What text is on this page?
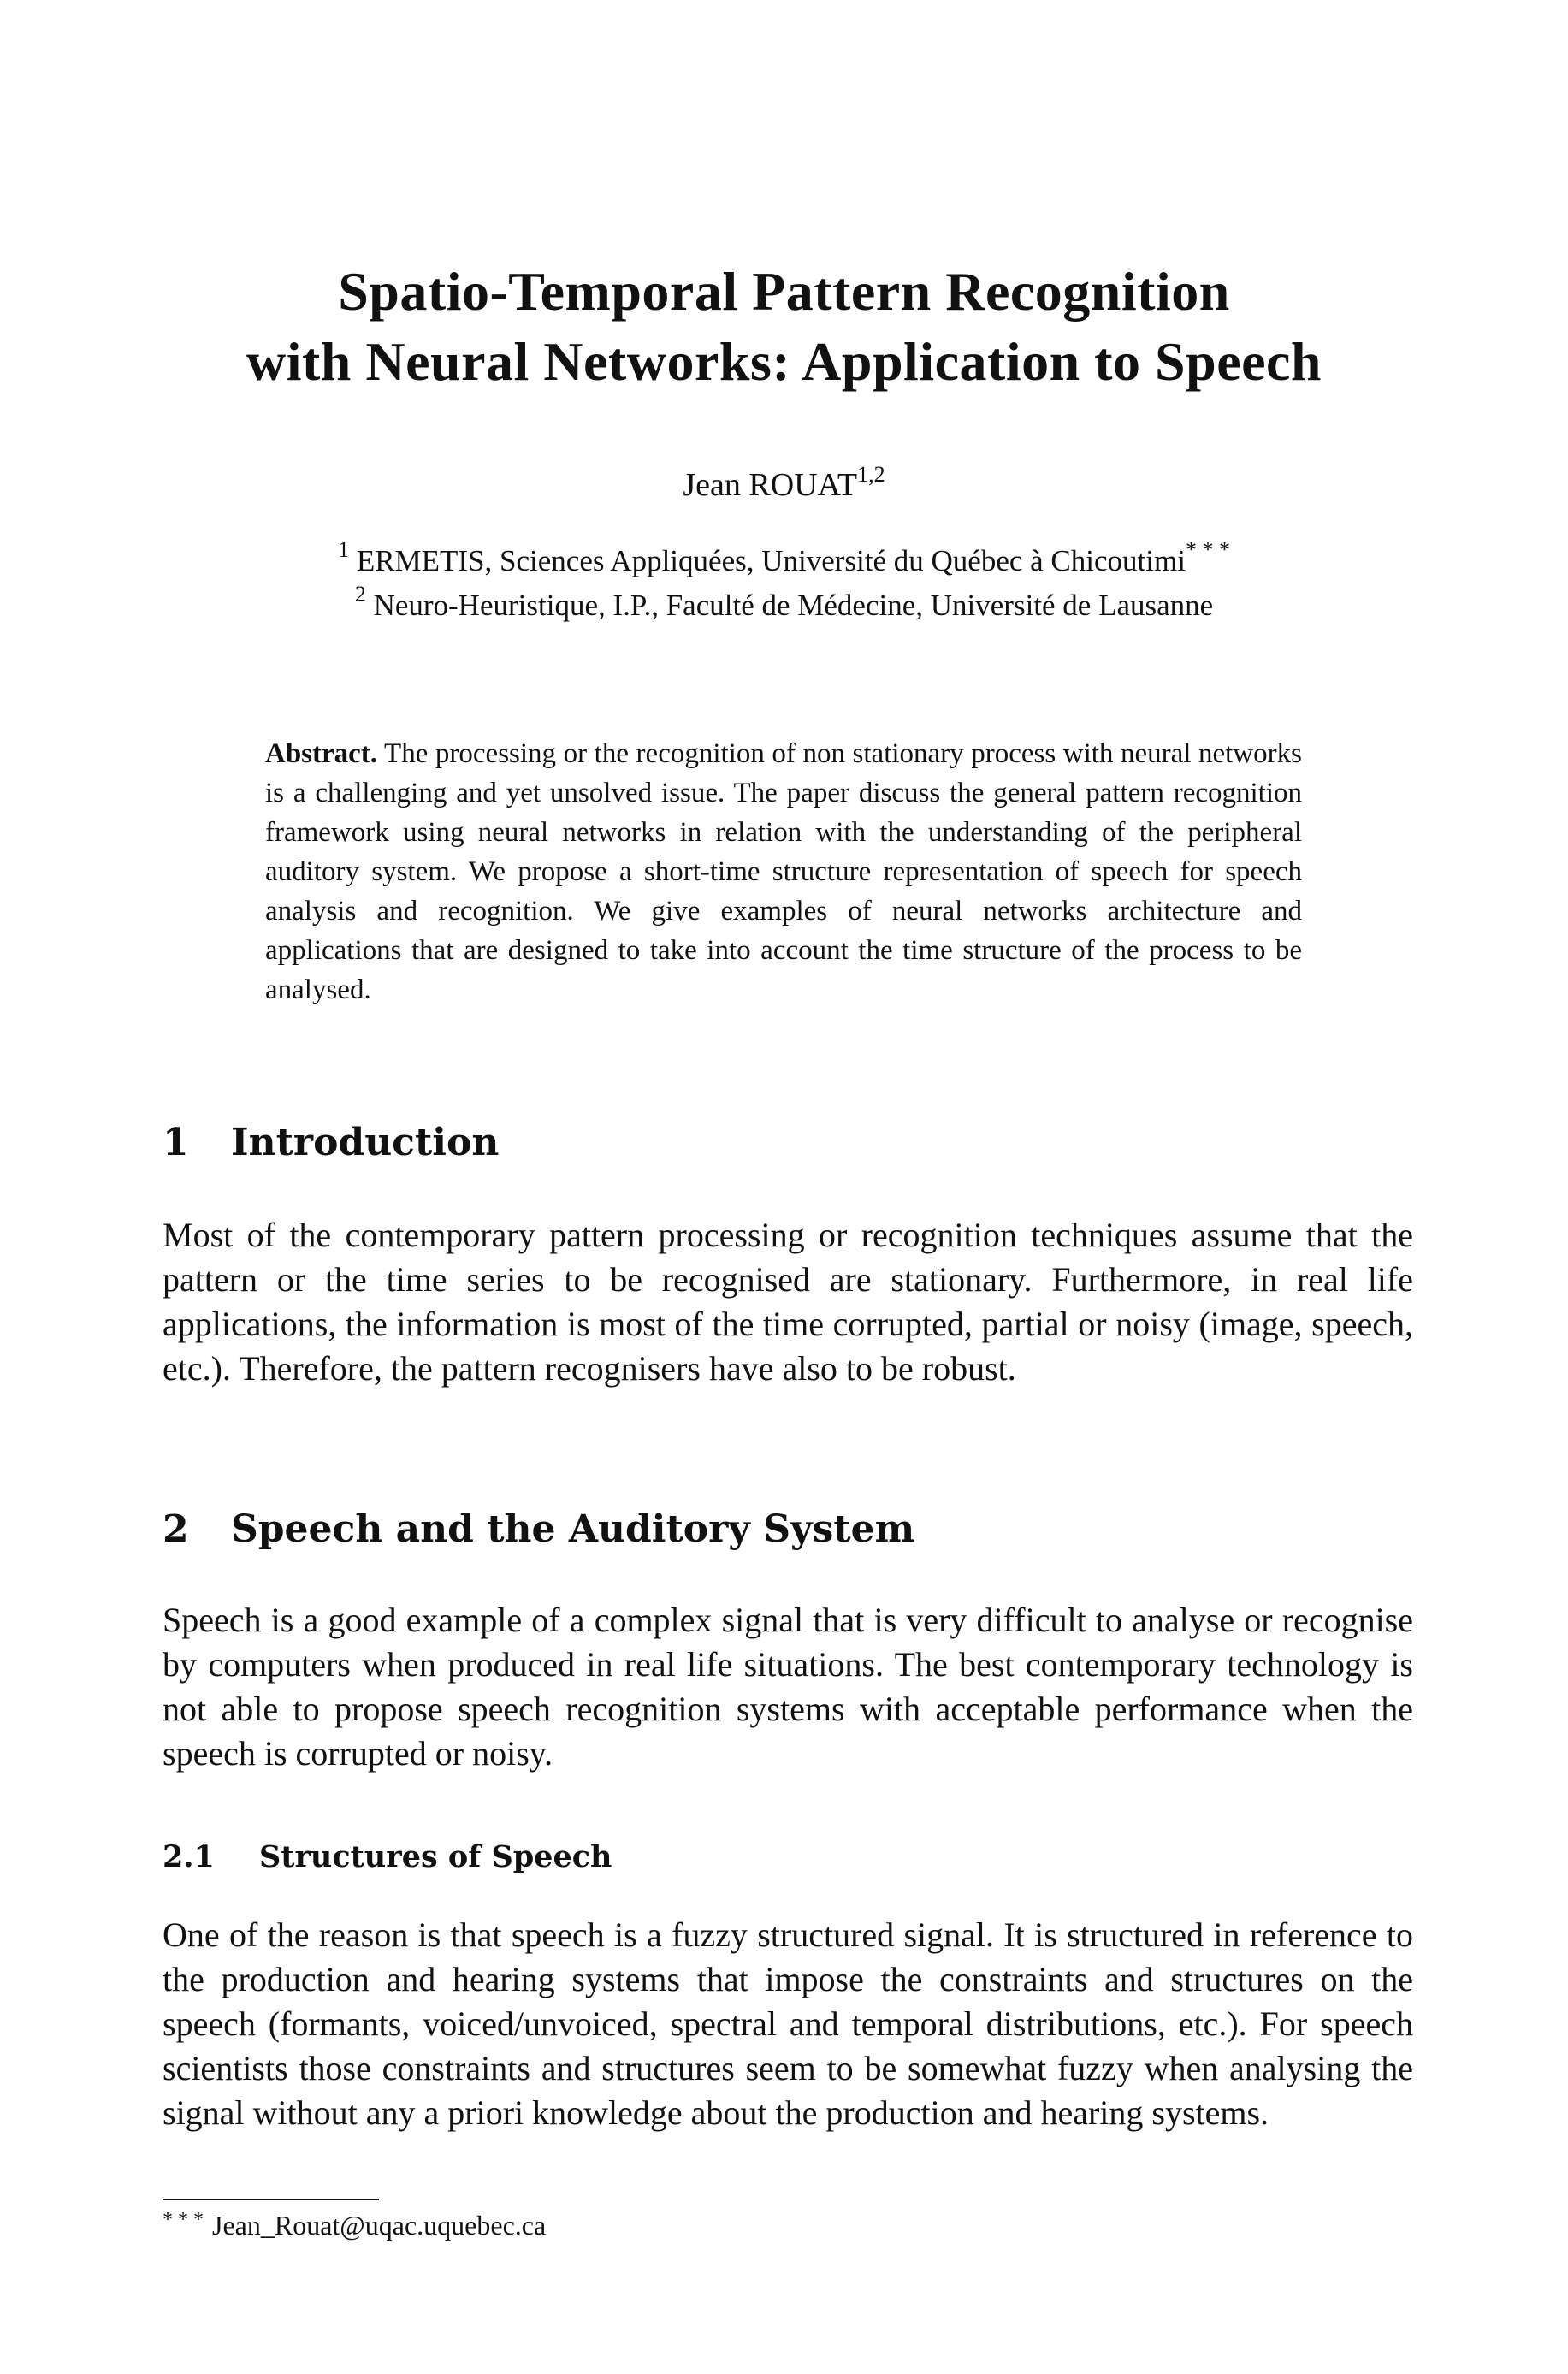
Spatio-Temporal Pattern Recognition
with Neural Networks: Application to Speech
Jean ROUAT$^{1,2}$
$^1$ ERMETIS, Sciences Appliquées, Université du Québec à Chicoutimi* * *
$^2$ Neuro-Heuristique, I.P., Faculté de Médecine, Université de Lausanne

Abstract. The processing or the recognition of non stationary process with neural networks is a challenging and yet unsolved issue. The paper discuss the general pattern recognition framework using neural networks in relation with the understanding of the peripheral auditory system. We propose a short-time structure representation of speech for speech analysis and recognition. We give examples of neural networks architecture and applications that are designed to take into account the time structure of the process to be analysed.

1 Introduction

Most of the contemporary pattern processing or recognition techniques assume that the pattern or the time series to be recognised are stationary. Furthermore, in real life applications, the information is most of the time corrupted, partial or noisy (image, speech, etc.). Therefore, the pattern recognisers have also to be robust.

2 Speech and the Auditory System

Speech is a good example of a complex signal that is very difficult to analyse or recognise by computers when produced in real life situations. The best contemporary technology is not able to propose speech recognition systems with acceptable performance when the speech is corrupted or noisy.

2.1 Structures of Speech

One of the reason is that speech is a fuzzy structured signal. It is structured in reference to the production and hearing systems that impose the constraints and structures on the speech (formants, voiced/unvoiced, spectral and temporal distributions, etc.). For speech scientists those constraints and structures seem to be somewhat fuzzy when analysing the signal without any a priori knowledge about the production and hearing systems.

* * * Jean_Rouat@uqac.uquebec.ca
